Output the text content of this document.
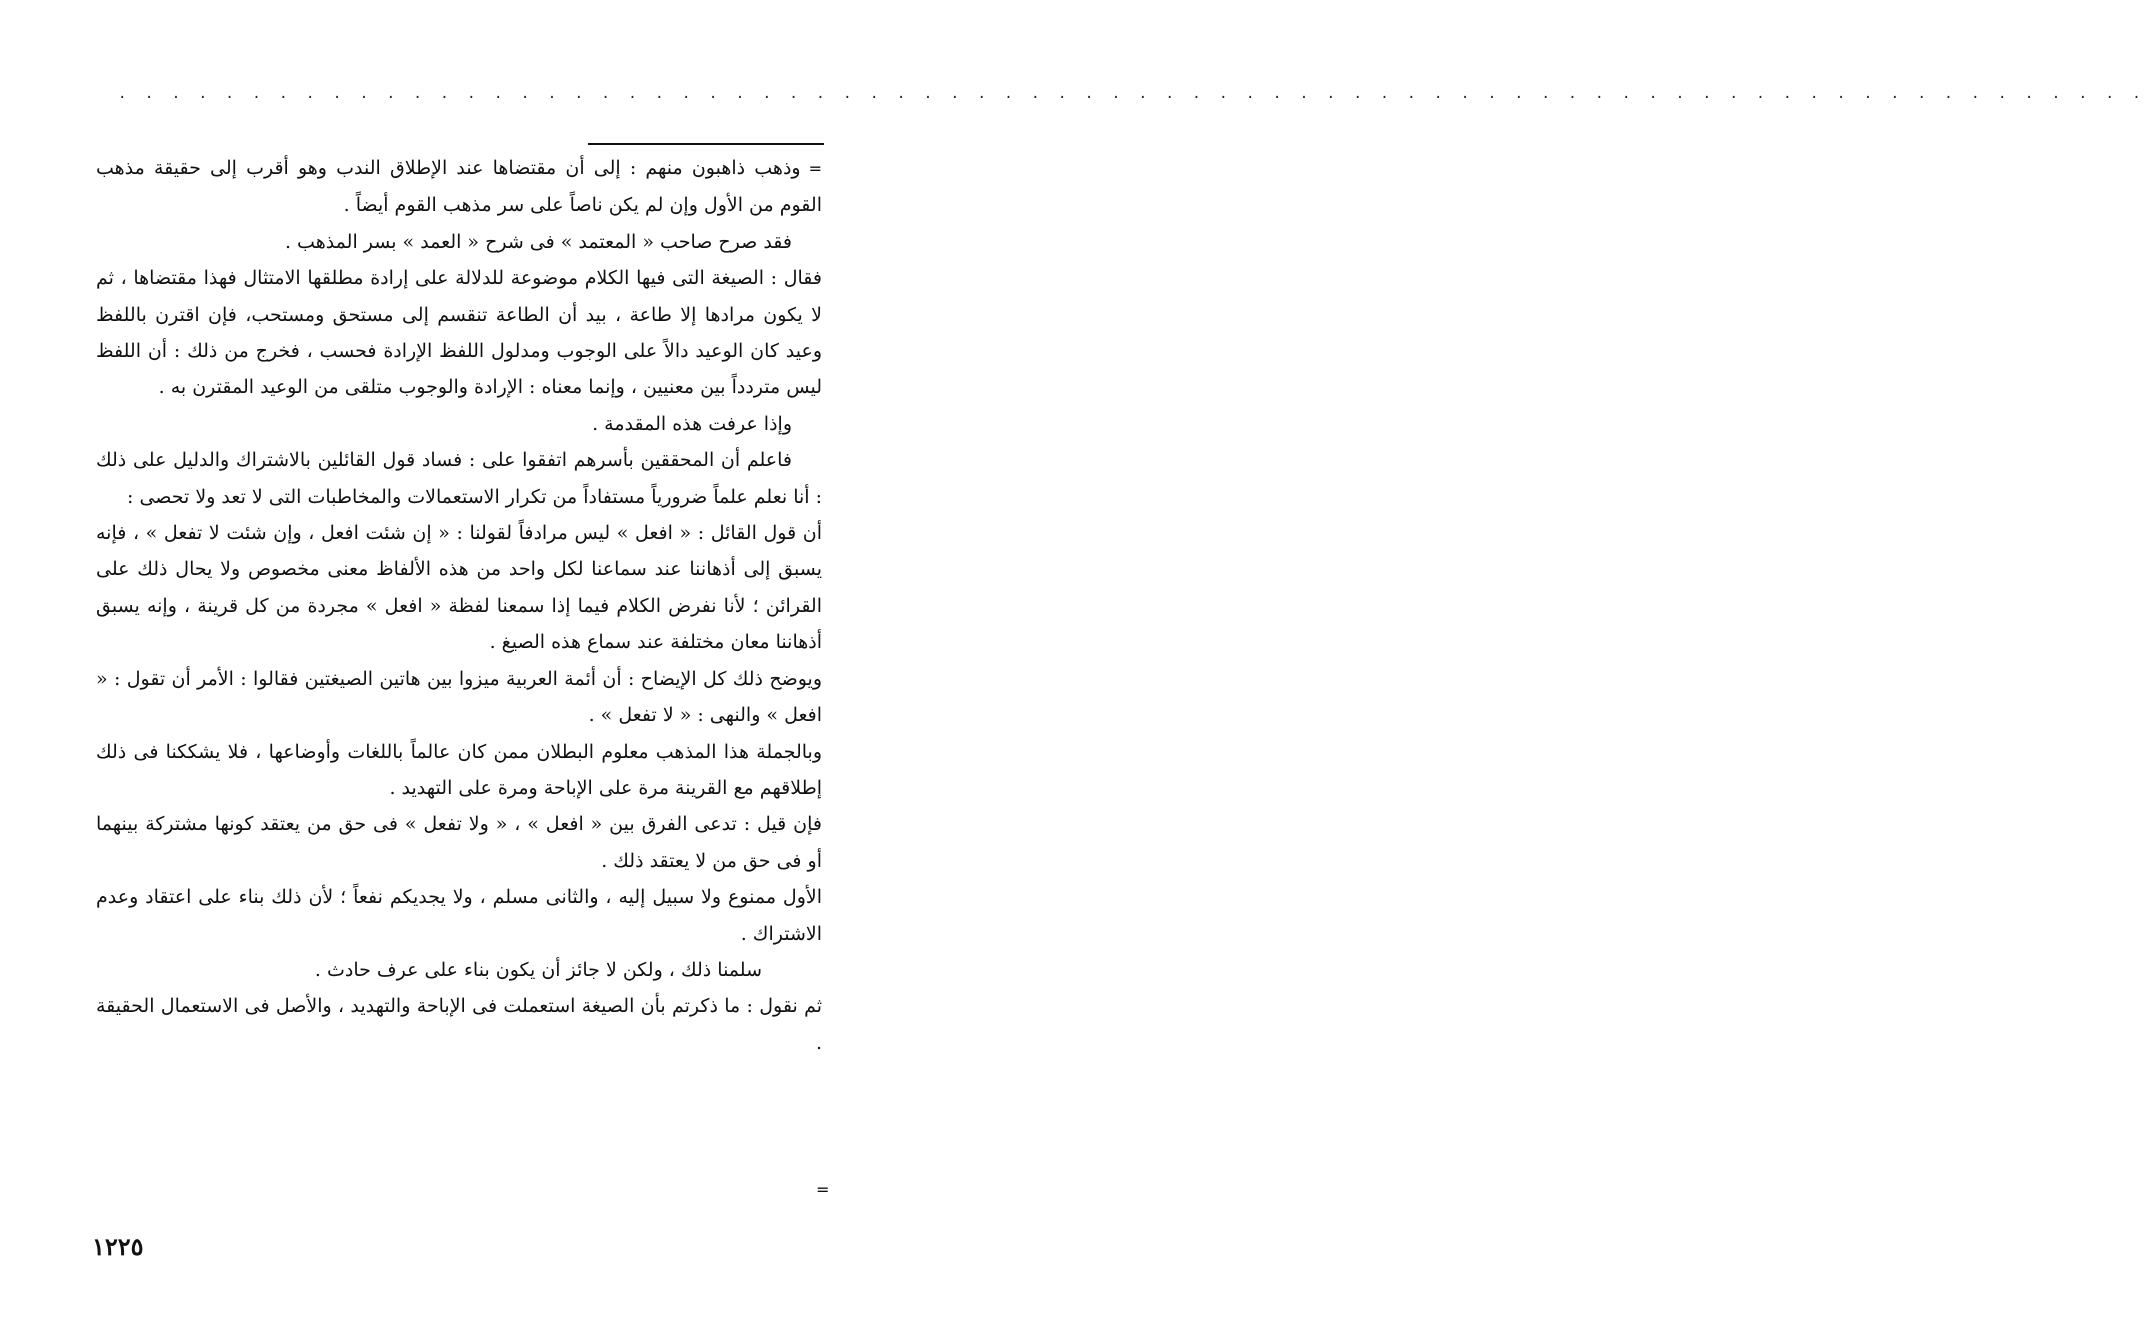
. . . . . . . . . . . . . . . . . . . . . . . . . . . . . . . . . . . . . . . . . . . . . . . . . . . . . . . . . . . . . . . . . . . . . . . . . . . .

=وذهب ذاهبون منهم : إلى أن مقتضاها عند الإطلاق الندب وهو أقرب إلى حقيقة مذهب القوم من الأول وإن لم يكن ناصاً على سر مذهب القوم أيضاً .

فقد صرح صاحب « المعتمد » فى شرح « العمد » بسر المذهب .

فقال : الصيغة التى فيها الكلام موضوعة للدلالة على إرادة مطلقها الامتثال فهذا مقتضاها ، ثم لا يكون مرادها إلا طاعة ، بيد أن الطاعة تنقسم إلى مستحق ومستحب، فإن اقترن باللفظ وعيد كان الوعيد دالاً على الوجوب ومدلول اللفظ الإرادة فحسب ، فخرج من ذلك : أن اللفظ ليس متردداً بين معنيين ، وإنما معناه : الإرادة والوجوب متلقى من الوعيد المقترن به .

وإذا عرفت هذه المقدمة .

فاعلم أن المحققين بأسرهم اتفقوا على : فساد قول القائلين بالاشتراك والدليل على ذلك : أنا نعلم علماً ضرورياً مستفاداً من تكرار الاستعمالات والمخاطبات التى لا تعد ولا تحصى :

أن قول القائل : « افعل » ليس مرادفاً لقولنا : « إن شئت افعل ، وإن شئت لا تفعل » ، فإنه يسبق إلى أذهاننا عند سماعنا لكل واحد من هذه الألفاظ معنى مخصوص ولا يحال ذلك على القرائن ؛ لأنا نفرض الكلام فيما إذا سمعنا لفظة « افعل » مجردة من كل قرينة ، وإنه يسبق أذهاننا معان مختلفة عند سماع هذه الصيغ .

ويوضح ذلك كل الإيضاح : أن أئمة العربية ميزوا بين هاتين الصيغتين فقالوا : الأمر أن تقول : « افعل » والنهى : « لا تفعل » .

وبالجملة هذا المذهب معلوم البطلان ممن كان عالماً باللغات وأوضاعها ، فلا يشككنا فى ذلك إطلاقهم مع القرينة مرة على الإباحة ومرة على التهديد .

فإن قيل : تدعى الفرق بين « افعل » ، « ولا تفعل » فى حق من يعتقد كونها مشتركة بينهما أو فى حق من لا يعتقد ذلك .

الأول ممنوع ولا سبيل إليه ، والثانى مسلم ، ولا يجديكم نفعاً ؛ لأن ذلك بناء على اعتقاد وعدم الاشتراك .

سلمنا ذلك ، ولكن لا جائز أن يكون بناء على عرف حادث .

ثم نقول : ما ذكرتم بأن الصيغة استعملت فى الإباحة والتهديد ، والأصل فى الاستعمال الحقيقة .

=
١٢٢٥
